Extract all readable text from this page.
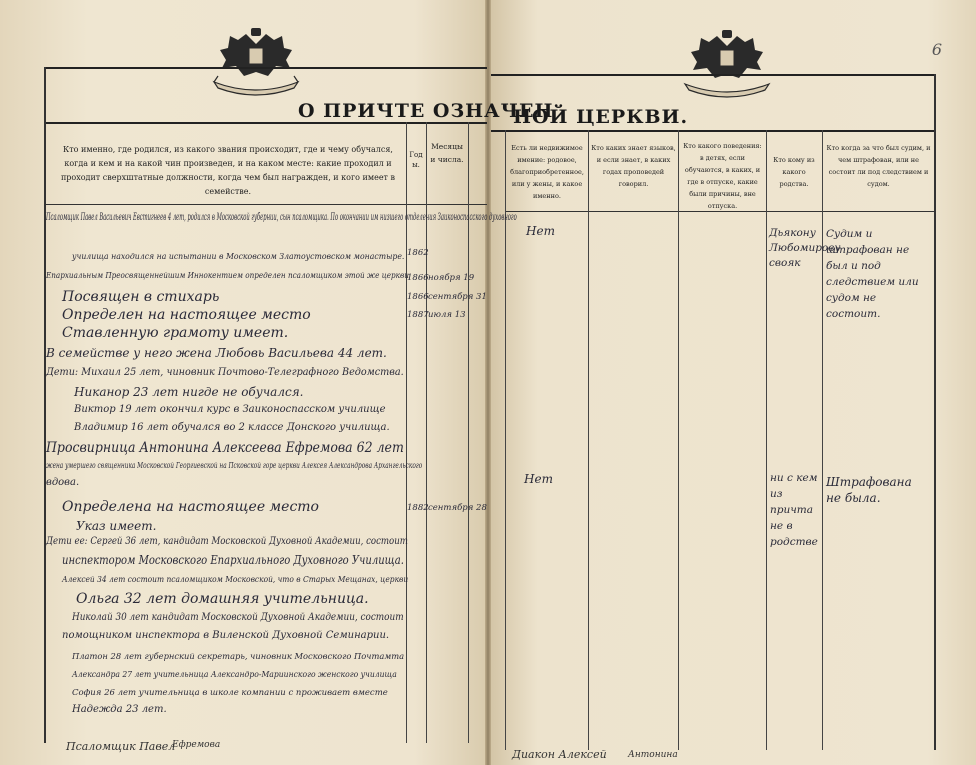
6
О ПРИЧТЕ ОЗНАЧЕН
НОЙ ЦЕРКВИ.
Кто именно, где родился, из какого звания происходит, где и чему обучался, когда и кем и на какой чин произведен, и на каком месте: какие проходил и проходит сверхштатные должности, когда чем был награжден, и кого имеет в семействе.
Годы.
Месяцы и числа.
Есть ли недвижимое имение: родовое, благоприобретенное, или у жены, и какое именно.
Кто каких знает языков, и если знает, в каких годах проповедей говорил.
Кто какого поведения: в детях, если обучаются, в каких, и где в отпуске, какие были причины, вне отпуска.
Кто кому из какого родства.
Кто когда за что был судим, и чем штрафован, или не состоит ли под следствием и судом.
Псаломщик Павел Васильевич Евстигнеев 4 лет, родился в Московской губернии, сын псаломщика. По окончании им низшего отделения Заиконоспасского духовного
училища находился на испытании в Московском Златоустовском монастыре.
Епархиальным Преосвященнейшим Иннокентием определен псаломщиком этой же церкви
Посвящен в стихарь
Определен на настоящее место
Ставленную грамоту имеет.
В семействе у него жена Любовь Васильева 44 лет.
Дети: Михаил 25 лет, чиновник Почтово-Телеграфного Ведомства.
Никанор 23 лет нигде не обучался.
Виктор 19 лет окончил курс в Заиконоспасском училище
Владимир 16 лет обучался во 2 классе Донского училища.
Просвирница Антонина Алексеева Ефремова 62 лет
жена умершего священника Московской Георгиевской на Псковской горе церкви Алексея Александрова Архангельского
вдова.
Определена на настоящее место
Указ имеет.
Дети ее: Сергей 36 лет, кандидат Московской Духовной Академии, состоит
инспектором Московского Епархиального Духовного Училища.
Алексей 34 лет состоит псаломщиком Московской, что в Старых Мещанах, церкви
Ольга 32 лет домашняя учительница.
Николай 30 лет кандидат Московской Духовной Академии, состоит
помощником инспектора в Виленской Духовной Семинарии.
Платон 28 лет губернский секретарь, чиновник Московского Почтамта
Александра 27 лет учительница Александро-Мариинского женского училища
София 26 лет учительница в школе компании с проживает вместе
Надежда 23 лет.
1862
1866
1866
1887
1882
ноября 19
сентября 31
июля 13
сентября 28
Нет
Нет
Дьякону Любомирову свояк
ни с кем из причта не в родстве
Судим и штрафован не был и под следствием или судом не состоит.
Штрафована не была.
Псаломщик Павел
Ефремова
Диакон Алексей Антонина
